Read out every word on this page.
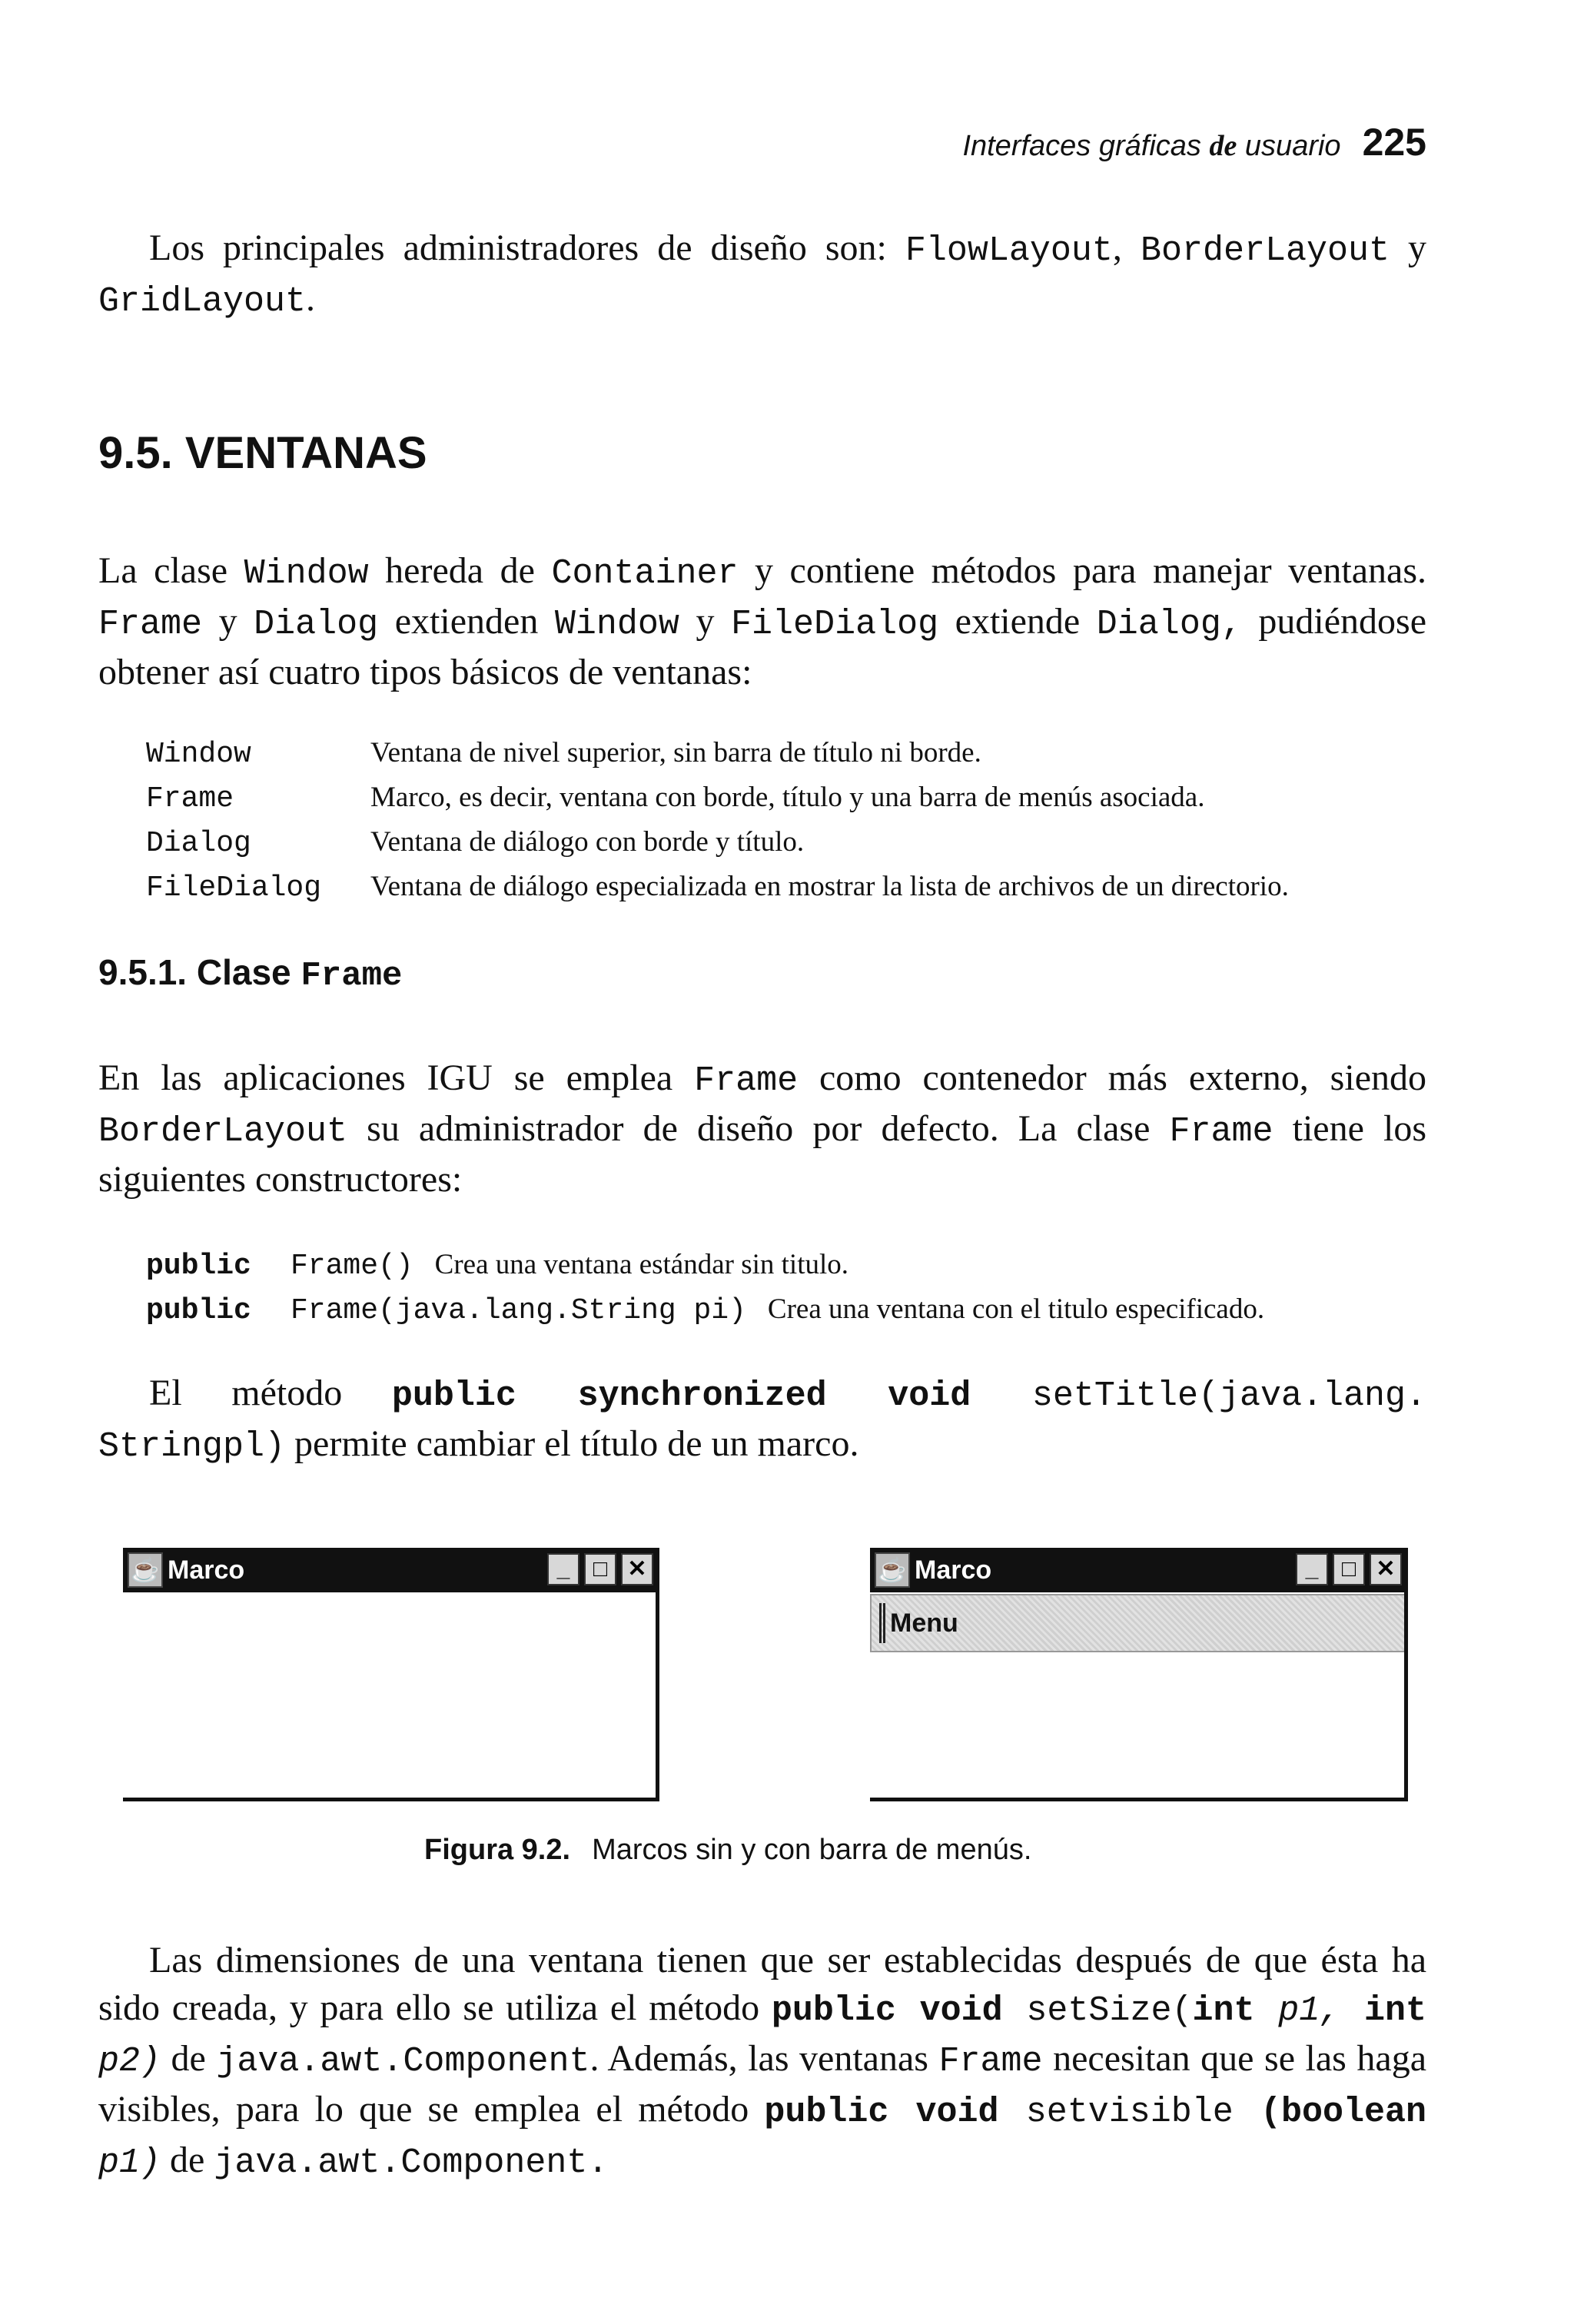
Interfaces gráficas de usuario 225

Los principales administradores de diseño son: FlowLayout, BorderLayout y GridLayout.

9.5. VENTANAS

La clase Window hereda de Container y contiene métodos para manejar ventanas. Frame y Dialog extienden Window y FileDialog extiende Dialog, pudiéndose obtener así cuatro tipos básicos de ventanas:

Window	Ventana de nivel superior, sin barra de título ni borde.
Frame	Marco, es decir, ventana con borde, título y una barra de menús asociada.
Dialog	Ventana de diálogo con borde y título.
FileDialog	Ventana de diálogo especializada en mostrar la lista de archivos de un directorio.
9.5.1. Clase Frame

En las aplicaciones IGU se emplea Frame como contenedor más externo, siendo BorderLayout su administrador de diseño por defecto. La clase Frame tiene los siguientes constructores:

public	Frame() Crea una ventana estándar sin titulo.
public	Frame(java.lang.String pi) Crea una ventana con el titulo especificado.

El método public synchronized void setTitle(java.lang. Stringpl) permite cambiar el título de un marco.

☕ Marco	_	□ ✕	☕ Marco	_	□ ✕
Menu
Figura 9.2. Marcos sin y con barra de menús.

Las dimensiones de una ventana tienen que ser establecidas después de que ésta ha sido creada, y para ello se utiliza el método public void setSize(int p1, int p2) de java.awt.Component. Además, las ventanas Frame necesitan que se las haga visibles, para lo que se emplea el método public void setvisible (boolean p1) de java.awt.Component.
